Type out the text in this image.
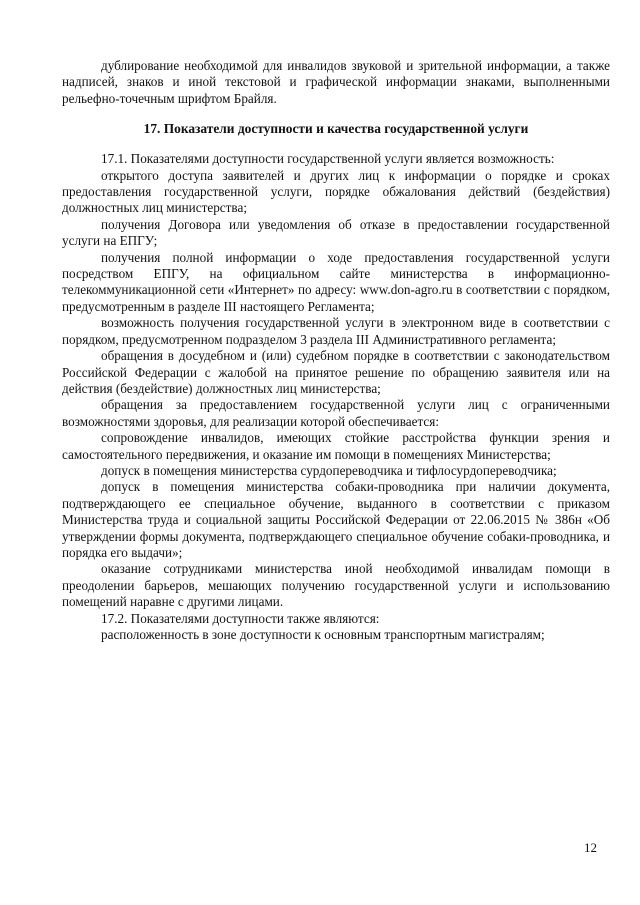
дублирование необходимой для инвалидов звуковой и зрительной информации, а также надписей, знаков и иной текстовой и графической информации знаками, выполненными рельефно-точечным шрифтом Брайля.

17. Показатели доступности и качества государственной услуги

17.1. Показателями доступности государственной услуги является возможность:

открытого доступа заявителей и других лиц к информации о порядке и сроках предоставления государственной услуги, порядке обжалования действий (бездействия) должностных лиц министерства;

получения Договора или уведомления об отказе в предоставлении государственной услуги на ЕПГУ;

получения полной информации о ходе предоставления государственной услуги посредством ЕПГУ, на официальном сайте министерства в информационно-телекоммуникационной сети «Интернет» по адресу: www.don-agro.ru в соответствии с порядком, предусмотренным в разделе III настоящего Регламента;

возможность получения государственной услуги в электронном виде в соответствии с порядком, предусмотренном подразделом 3 раздела III Административного регламента;

обращения в досудебном и (или) судебном порядке в соответствии с законодательством Российской Федерации с жалобой на принятое решение по обращению заявителя или на действия (бездействие) должностных лиц министерства;

обращения за предоставлением государственной услуги лиц с ограниченными возможностями здоровья, для реализации которой обеспечивается:

сопровождение инвалидов, имеющих стойкие расстройства функции зрения и самостоятельного передвижения, и оказание им помощи в помещениях Министерства;

допуск в помещения министерства сурдопереводчика и тифлосурдопереводчика;

допуск в помещения министерства собаки-проводника при наличии документа, подтверждающего ее специальное обучение, выданного в соответствии с приказом Министерства труда и социальной защиты Российской Федерации от 22.06.2015 № 386н «Об утверждении формы документа, подтверждающего специальное обучение собаки-проводника, и порядка его выдачи»;

оказание сотрудниками министерства иной необходимой инвалидам помощи в преодолении барьеров, мешающих получению государственной услуги и использованию помещений наравне с другими лицами.

17.2. Показателями доступности также являются:

расположенность в зоне доступности к основным транспортным магистралям;

12
